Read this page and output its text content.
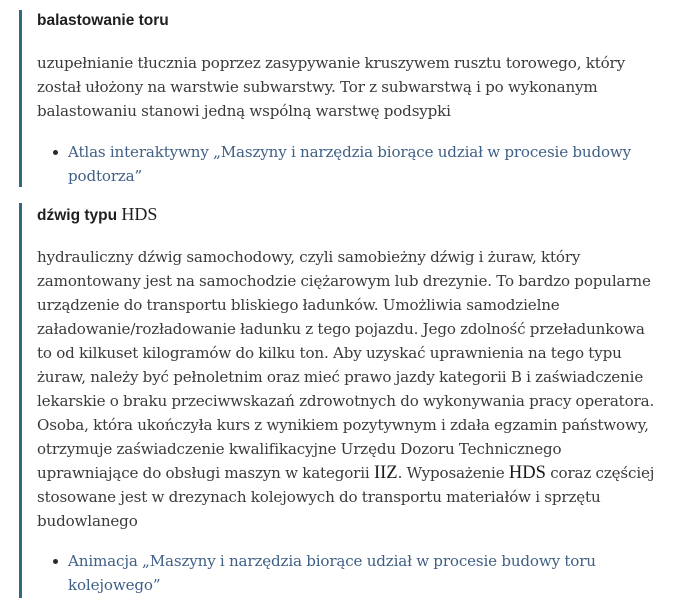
balastowanie toru

uzupełnianie tłucznia poprzez zasypywanie kruszywem rusztu torowego, który został ułożony na warstwie subwarstwy. Tor z subwarstwą i po wykonanym balastowaniu stanowi jedną wspólną warstwę podsypki

Atlas interaktywny „Maszyny i narzędzia biorące udział w procesie budowy podtorza”
dźwig typu HDS

hydrauliczny dźwig samochodowy, czyli samobieżny dźwig i żuraw, który zamontowany jest na samochodzie ciężarowym lub drezynie. To bardzo popularne urządzenie do transportu bliskiego ładunków. Umożliwia samodzielne załadowanie/rozładowanie ładunku z tego pojazdu. Jego zdolność przeładunkowa to od kilkuset kilogramów do kilku ton. Aby uzyskać uprawnienia na tego typu żuraw, należy być pełnoletnim oraz mieć prawo jazdy kategorii B i zaświadczenie lekarskie o braku przeciwwskazań zdrowotnych do wykonywania pracy operatora. Osoba, która ukończyła kurs z wynikiem pozytywnym i zdała egzamin państwowy, otrzymuje zaświadczenie kwalifikacyjne Urzędu Dozoru Technicznego uprawniające do obsługi maszyn w kategorii IIZ. Wyposażenie HDS coraz częściej stosowane jest w drezynach kolejowych do transportu materiałów i sprzętu budowlanego

Animacja „Maszyny i narzędzia biorące udział w procesie budowy toru kolejowego”
